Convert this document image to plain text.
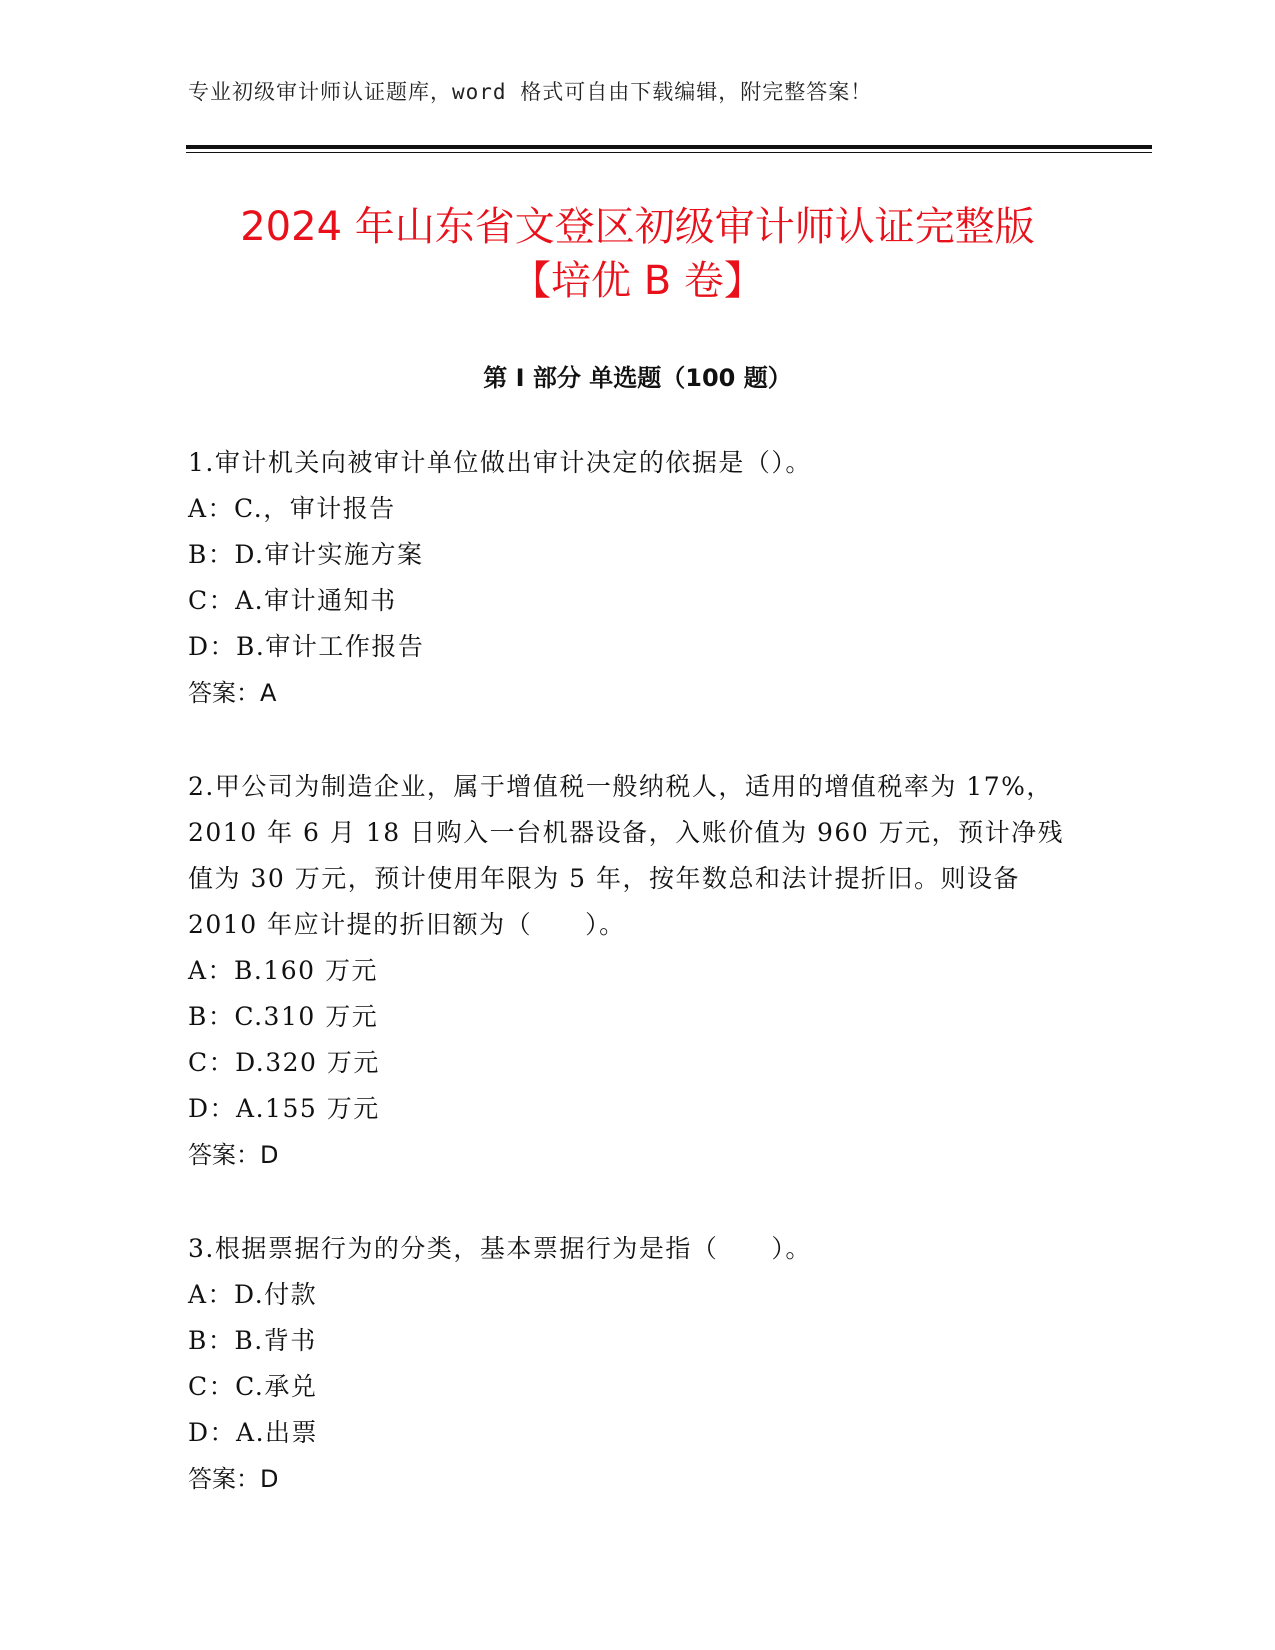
专业初级审计师认证题库，word 格式可自由下载编辑，附完整答案！
2024 年山东省文登区初级审计师认证完整版
【培优 B 卷】
第 I 部分 单选题（100 题）

1.审计机关向被审计单位做出审计决定的依据是（）。

A：C.，审计报告
B：D.审计实施方案
C：A.审计通知书
D：B.审计工作报告
答案：A

2.甲公司为制造企业，属于增值税一般纳税人，适用的增值税率为 17%，2010 年 6 月 18 日购入一台机器设备，入账价值为 960 万元，预计净残值为 30 万元，预计使用年限为 5 年，按年数总和法计提折旧。则设备 2010 年应计提的折旧额为（　　）。

A：B.160 万元
B：C.310 万元
C：D.320 万元
D：A.155 万元
答案：D

3.根据票据行为的分类，基本票据行为是指（　　）。

A：D.付款
B：B.背书
C：C.承兑
D：A.出票
答案：D
